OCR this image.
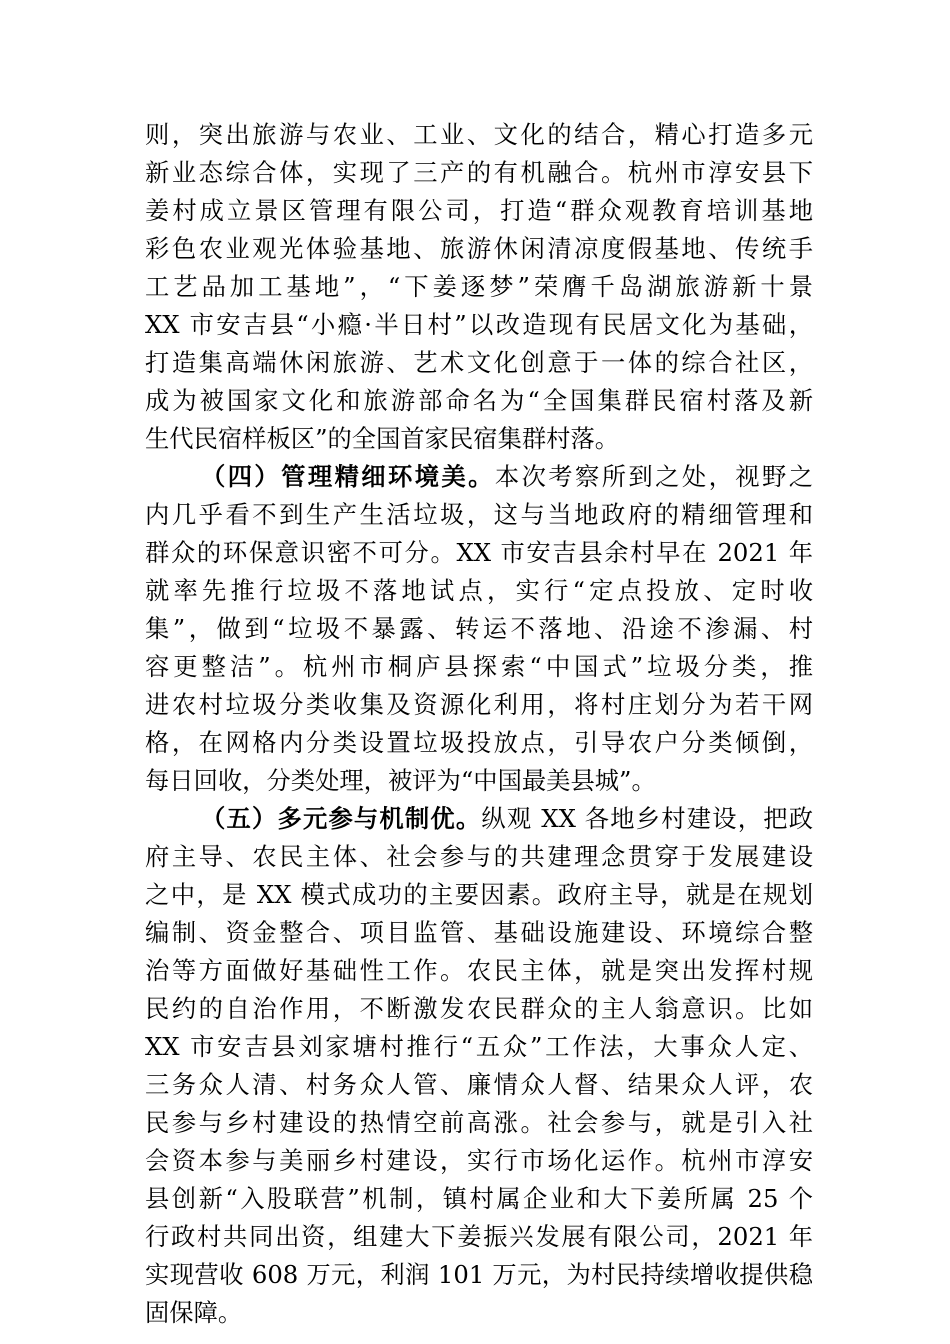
则，突出旅游与农业、工业、文化的结合，精心打造多元
新业态综合体，实现了三产的有机融合。杭州市淳安县下
姜村成立景区管理有限公司，打造“群众观教育培训基地
彩色农业观光体验基地、旅游休闲清凉度假基地、传统手
工艺品加工基地”，“下姜逐梦”荣膺千岛湖旅游新十景
XX 市安吉县“小瘾·半日村”以改造现有民居文化为基础，
打造集高端休闲旅游、艺术文化创意于一体的综合社区，
成为被国家文化和旅游部命名为“全国集群民宿村落及新
生代民宿样板区”的全国首家民宿集群村落。
（四）管理精细环境美。本次考察所到之处，视野之
内几乎看不到生产生活垃圾，这与当地政府的精细管理和
群众的环保意识密不可分。XX 市安吉县余村早在 2021 年
就率先推行垃圾不落地试点，实行“定点投放、定时收
集”，做到“垃圾不暴露、转运不落地、沿途不渗漏、村
容更整洁”。杭州市桐庐县探索“中国式”垃圾分类，推
进农村垃圾分类收集及资源化利用，将村庄划分为若干网
格，在网格内分类设置垃圾投放点，引导农户分类倾倒，
每日回收，分类处理，被评为“中国最美县城”。
（五）多元参与机制优。纵观 XX 各地乡村建设，把政
府主导、农民主体、社会参与的共建理念贯穿于发展建设
之中，是 XX 模式成功的主要因素。政府主导，就是在规划
编制、资金整合、项目监管、基础设施建设、环境综合整
治等方面做好基础性工作。农民主体，就是突出发挥村规
民约的自治作用，不断激发农民群众的主人翁意识。比如
XX 市安吉县刘家塘村推行“五众”工作法，大事众人定、
三务众人清、村务众人管、廉情众人督、结果众人评，农
民参与乡村建设的热情空前高涨。社会参与，就是引入社
会资本参与美丽乡村建设，实行市场化运作。杭州市淳安
县创新“入股联营”机制，镇村属企业和大下姜所属 25 个
行政村共同出资，组建大下姜振兴发展有限公司，2021 年
实现营收 608 万元，利润 101 万元，为村民持续增收提供稳
固保障。
